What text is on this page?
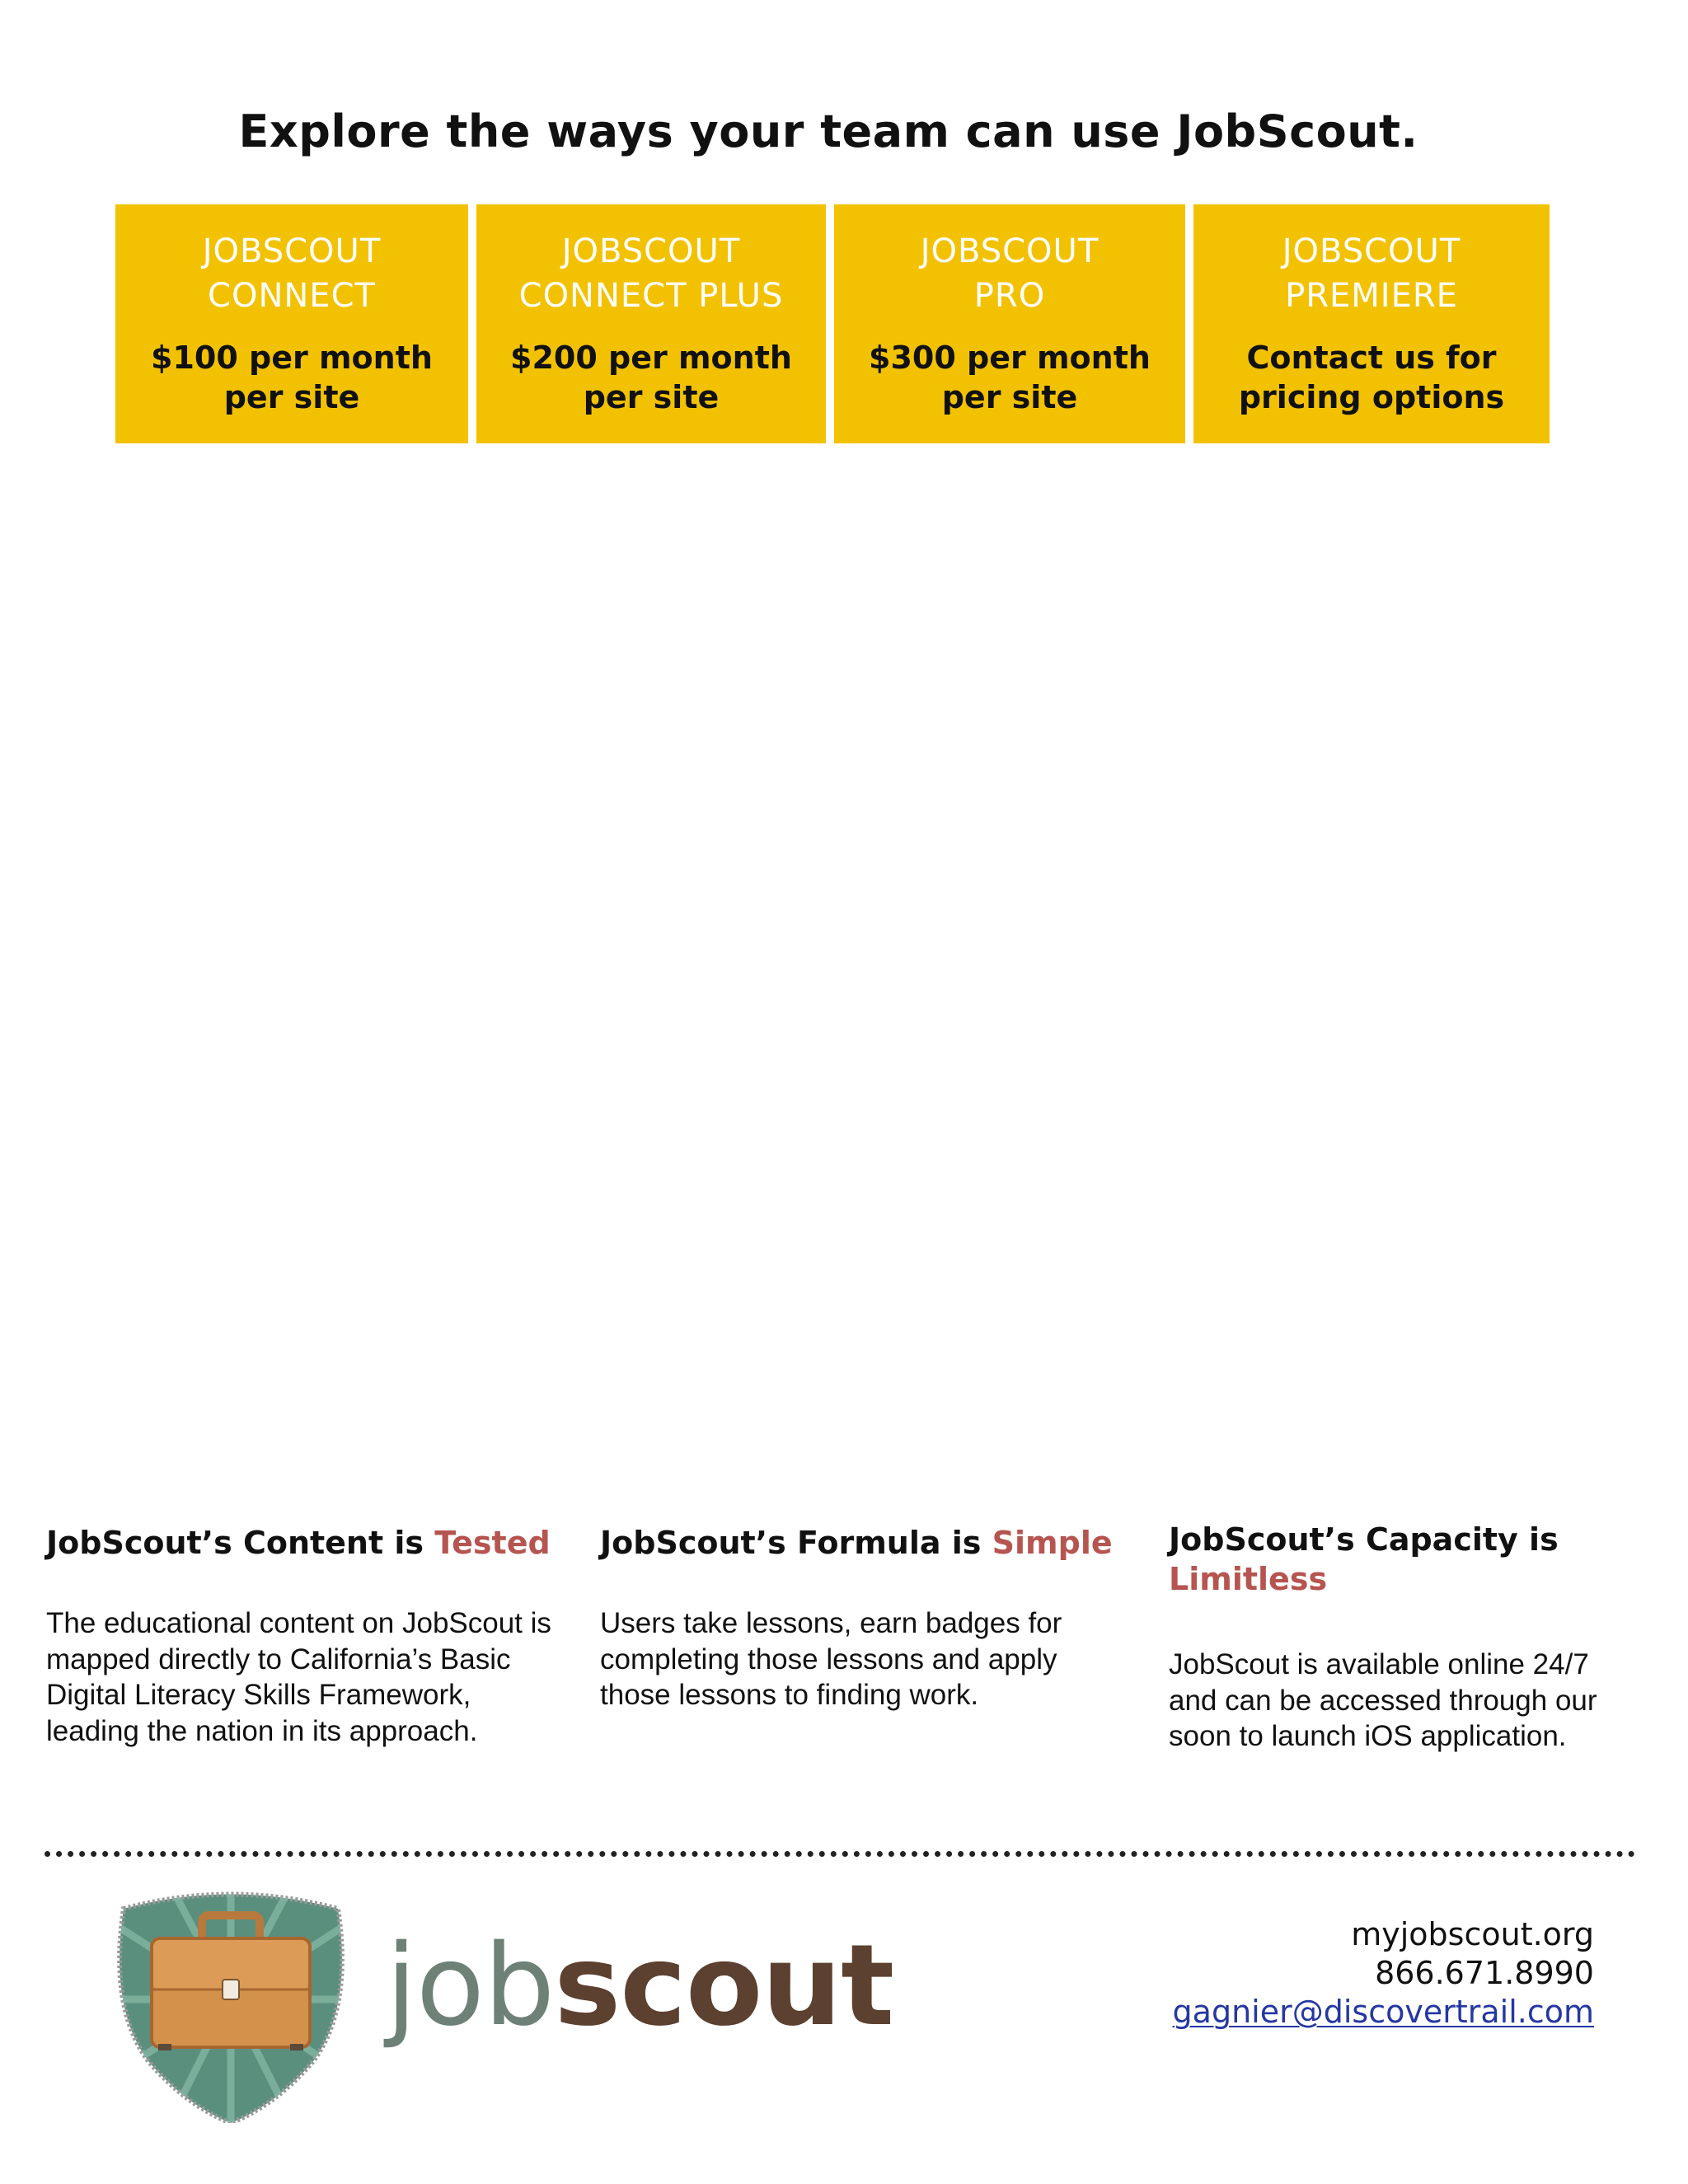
Explore the ways your team can use JobScout.
JOBSCOUT
CONNECT
$100 per month
per site
JOBSCOUT
CONNECT PLUS
$200 per month
per site
JOBSCOUT
PRO
$300 per month
per site
JOBSCOUT
PREMIERE
Contact us for
pricing options
JobScout’s Content is Tested

The educational content on JobScout is mapped directly to California’s Basic Digital Literacy Skills Framework, leading the nation in its approach.

JobScout’s Formula is Simple

Users take lessons, earn badges for completing those lessons and apply those lessons to finding work.

JobScout’s Capacity is
Limitless

JobScout is available online 24/7 and can be accessed through our soon to launch iOS application.

jobscout	myjobscout.org
866.671.8990
gagnier@discovertrail.com
